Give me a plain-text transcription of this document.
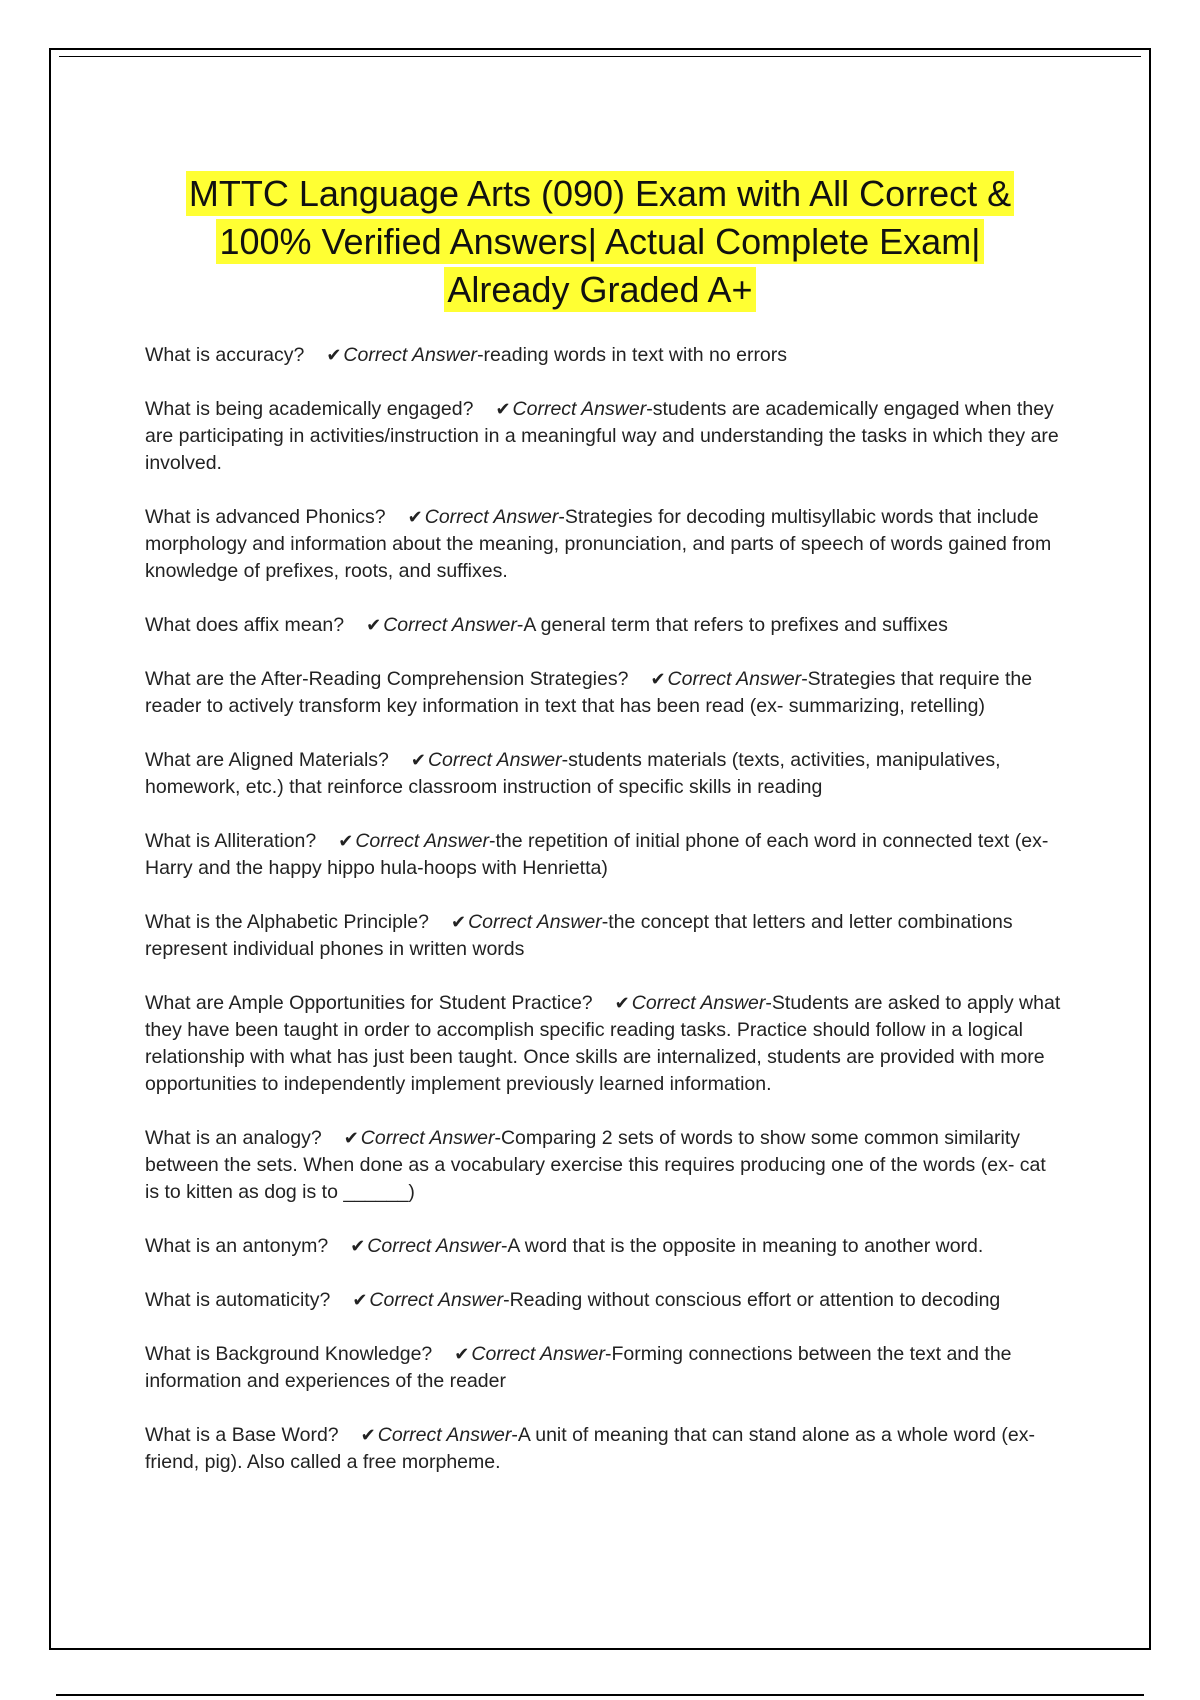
MTTC Language Arts (090) Exam with All Correct &
100% Verified Answers| Actual Complete Exam|
Already Graded A+

What is accuracy? ✔ Correct Answer-reading words in text with no errors

What is being academically engaged? ✔ Correct Answer-students are academically engaged when they are participating in activities/instruction in a meaningful way and understanding the tasks in which they are involved.

What is advanced Phonics? ✔ Correct Answer-Strategies for decoding multisyllabic words that include morphology and information about the meaning, pronunciation, and parts of speech of words gained from knowledge of prefixes, roots, and suffixes.

What does affix mean? ✔ Correct Answer-A general term that refers to prefixes and suffixes

What are the After-Reading Comprehension Strategies? ✔ Correct Answer-Strategies that require the reader to actively transform key information in text that has been read (ex- summarizing, retelling)

What are Aligned Materials? ✔ Correct Answer-students materials (texts, activities, manipulatives, homework, etc.) that reinforce classroom instruction of specific skills in reading

What is Alliteration? ✔ Correct Answer-the repetition of initial phone of each word in connected text (ex- Harry and the happy hippo hula-hoops with Henrietta)

What is the Alphabetic Principle? ✔ Correct Answer-the concept that letters and letter combinations represent individual phones in written words

What are Ample Opportunities for Student Practice? ✔ Correct Answer-Students are asked to apply what they have been taught in order to accomplish specific reading tasks. Practice should follow in a logical relationship with what has just been taught. Once skills are internalized, students are provided with more opportunities to independently implement previously learned information.

What is an analogy? ✔ Correct Answer-Comparing 2 sets of words to show some common similarity between the sets. When done as a vocabulary exercise this requires producing one of the words (ex- cat is to kitten as dog is to ______)

What is an antonym? ✔ Correct Answer-A word that is the opposite in meaning to another word.

What is automaticity? ✔ Correct Answer-Reading without conscious effort or attention to decoding

What is Background Knowledge? ✔ Correct Answer-Forming connections between the text and the information and experiences of the reader

What is a Base Word? ✔ Correct Answer-A unit of meaning that can stand alone as a whole word (ex- friend, pig). Also called a free morpheme.
